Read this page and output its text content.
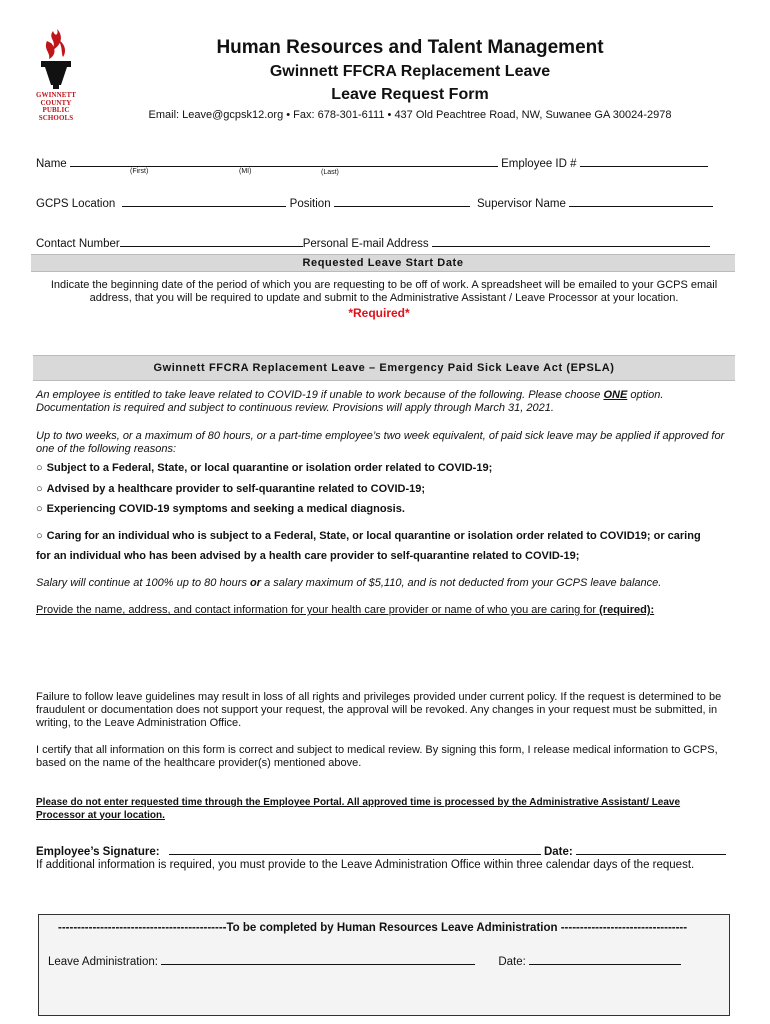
GWINNETT
COUNTY
PUBLIC
SCHOOLS
Human Resources and Talent Management
Gwinnett FFCRA Replacement Leave
Leave Request Form
Email: Leave@gcpsk12.org • Fax: 678-301-6111 • 437 Old Peachtree Road, NW, Suwanee GA 30024-2978
Name	Employee ID #
(First)	(MI)	(Last)
GCPS Location	Position	Supervisor Name
Contact Number	Personal E-mail Address
Requested Leave Start Date
Indicate the beginning date of the period of which you are requesting to be off of work. A spreadsheet will be emailed to your GCPS email address, that you will be required to update and submit to the Administrative Assistant / Leave Processor at your location.
*Required*
Gwinnett FFCRA Replacement Leave – Emergency Paid Sick Leave Act (EPSLA)
An employee is entitled to take leave related to COVID-19 if unable to work because of the following. Please choose ONE option. Documentation is required and subject to continuous review. Provisions will apply through March 31, 2021.
Up to two weeks, or a maximum of 80 hours, or a part-time employee’s two week equivalent, of paid sick leave may be applied if approved for one of the following reasons:
○ Subject to a Federal, State, or local quarantine or isolation order related to COVID-19;
○ Advised by a healthcare provider to self-quarantine related to COVID-19;
○ Experiencing COVID-19 symptoms and seeking a medical diagnosis.
○ Caring for an individual who is subject to a Federal, State, or local quarantine or isolation order related to COVID19; or caring
for an individual who has been advised by a health care provider to self-quarantine related to COVID-19;
Salary will continue at 100% up to 80 hours or a salary maximum of $5,110, and is not deducted from your GCPS leave balance.
Provide the name, address, and contact information for your health care provider or name of who you are caring for (required):
Failure to follow leave guidelines may result in loss of all rights and privileges provided under current policy. If the request is determined to be fraudulent or documentation does not support your request, the approval will be revoked. Any changes in your request must be submitted, in writing, to the Leave Administration Office.
I certify that all information on this form is correct and subject to medical review. By signing this form, I release medical information to GCPS, based on the name of the healthcare provider(s) mentioned above.
Please do not enter requested time through the Employee Portal. All approved time is processed by the Administrative Assistant/ Leave Processor at your location.
Employee’s Signature:	Date:
If additional information is required, you must provide to the Leave Administration Office within three calendar days of the request.
--------------------------------------------To be completed by Human Resources Leave Administration ---------------------------------
Leave Administration:	Date:
